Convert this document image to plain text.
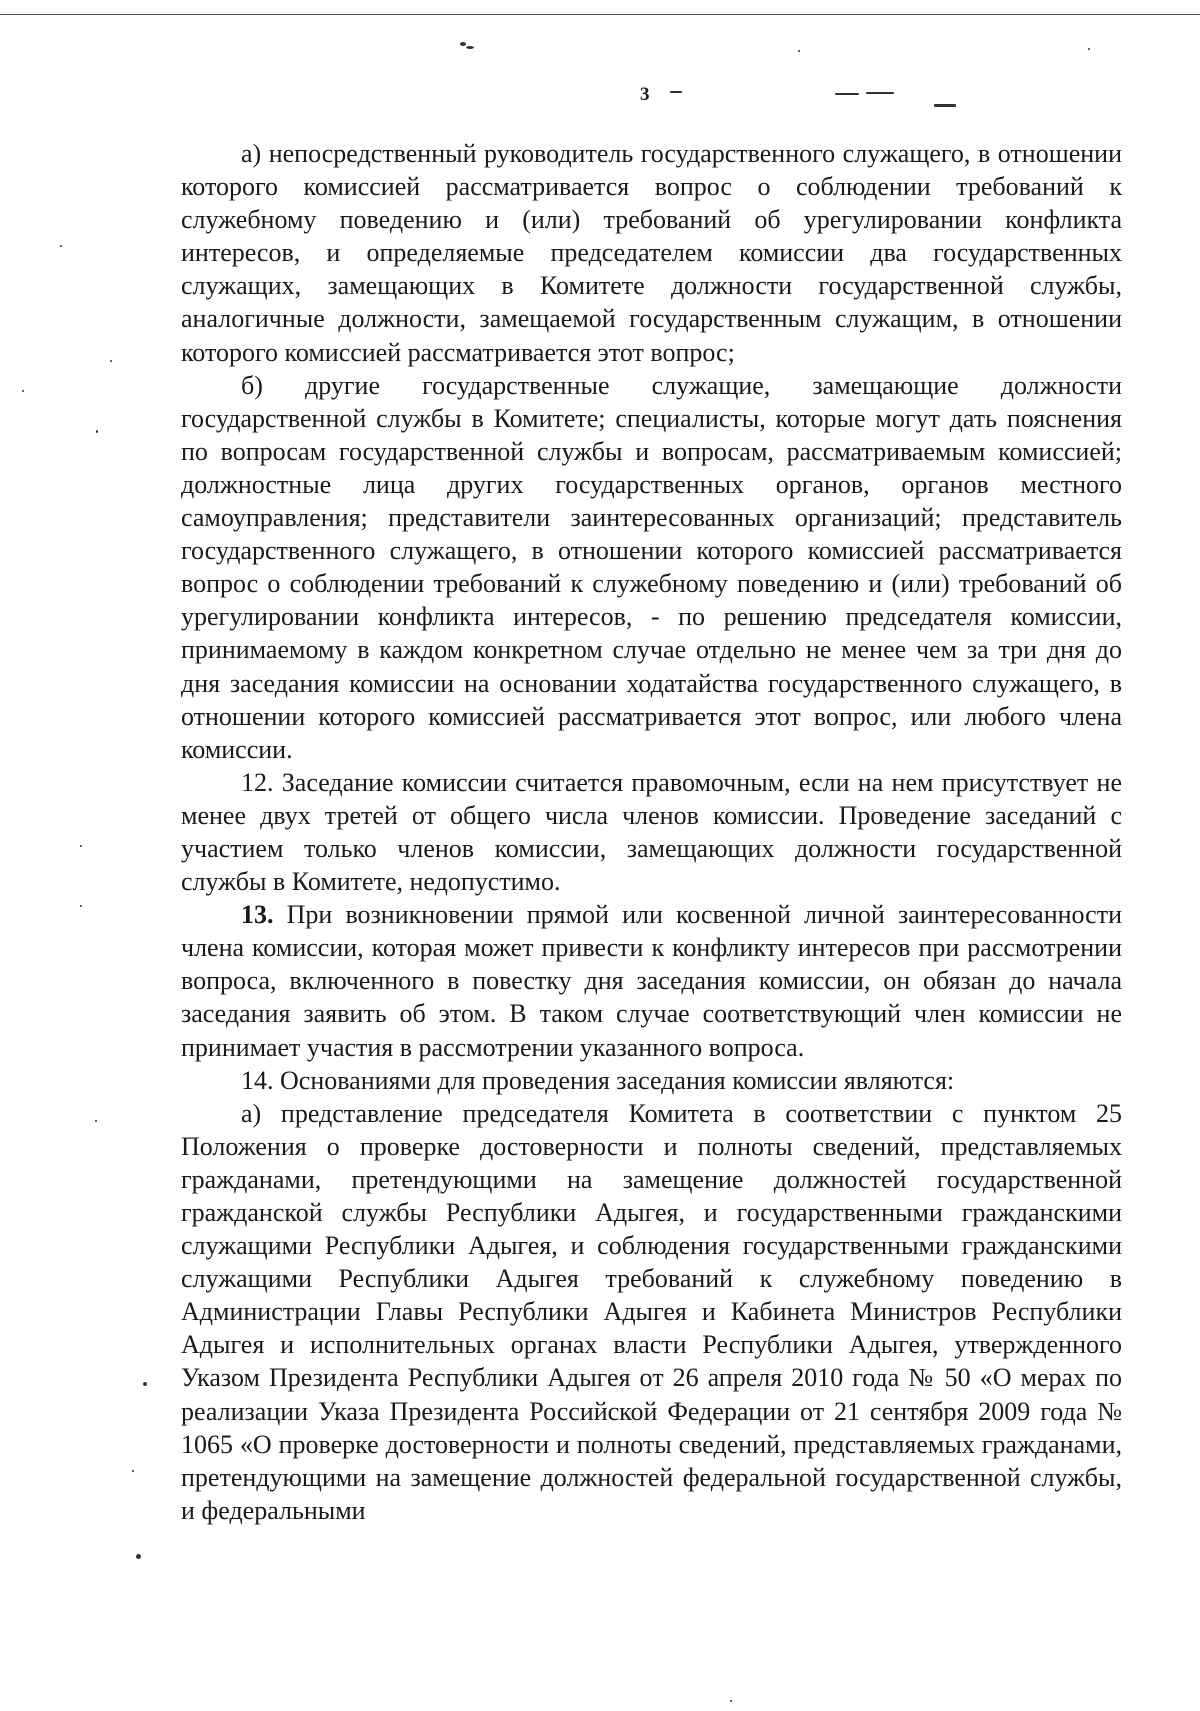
3

а) непосредственный руководитель государственного служащего, в отношении которого комиссией рассматривается вопрос о соблюдении требований к служебному поведению и (или) требований об урегулировании конфликта интересов, и определяемые председателем комиссии два государственных служащих, замещающих в Комитете должности государственной службы, аналогичные должности, замещаемой государственным служащим, в отношении которого комиссией рассматривается этот вопрос;

б) другие государственные служащие, замещающие должности государственной службы в Комитете; специалисты, которые могут дать пояснения по вопросам государственной службы и вопросам, рассматриваемым комиссией; должностные лица других государственных органов, органов местного самоуправления; представители заинтересованных организаций; представитель государственного служащего, в отношении которого комиссией рассматривается вопрос о соблюдении требований к служебному поведению и (или) требований об урегулировании конфликта интересов, - по решению председателя комиссии, принимаемому в каждом конкретном случае отдельно не менее чем за три дня до дня заседания комиссии на основании ходатайства государственного служащего, в отношении которого комиссией рассматривается этот вопрос, или любого члена комиссии.

12. Заседание комиссии считается правомочным, если на нем присутствует не менее двух третей от общего числа членов комиссии. Проведение заседаний с участием только членов комиссии, замещающих должности государственной службы в Комитете, недопустимо.

13. При возникновении прямой или косвенной личной заинтересованности члена комиссии, которая может привести к конфликту интересов при рассмотрении вопроса, включенного в повестку дня заседания комиссии, он обязан до начала заседания заявить об этом. В таком случае соответствующий член комиссии не принимает участия в рассмотрении указанного вопроса.

14. Основаниями для проведения заседания комиссии являются:

а) представление председателя Комитета в соответствии с пунктом 25 Положения о проверке достоверности и полноты сведений, представляемых гражданами, претендующими на замещение должностей государственной гражданской службы Республики Адыгея, и государственными гражданскими служащими Республики Адыгея, и соблюдения государственными гражданскими служащими Республики Адыгея требований к служебному поведению в Администрации Главы Республики Адыгея и Кабинета Министров Республики Адыгея и исполнительных органах власти Республики Адыгея, утвержденного Указом Президента Республики Адыгея от 26 апреля 2010 года № 50 «О мерах по реализации Указа Президента Российской Федерации от 21 сентября 2009 года № 1065 «О проверке достоверности и полноты сведений, представляемых гражданами, претендующими на замещение должностей федеральной государственной службы, и федеральными
